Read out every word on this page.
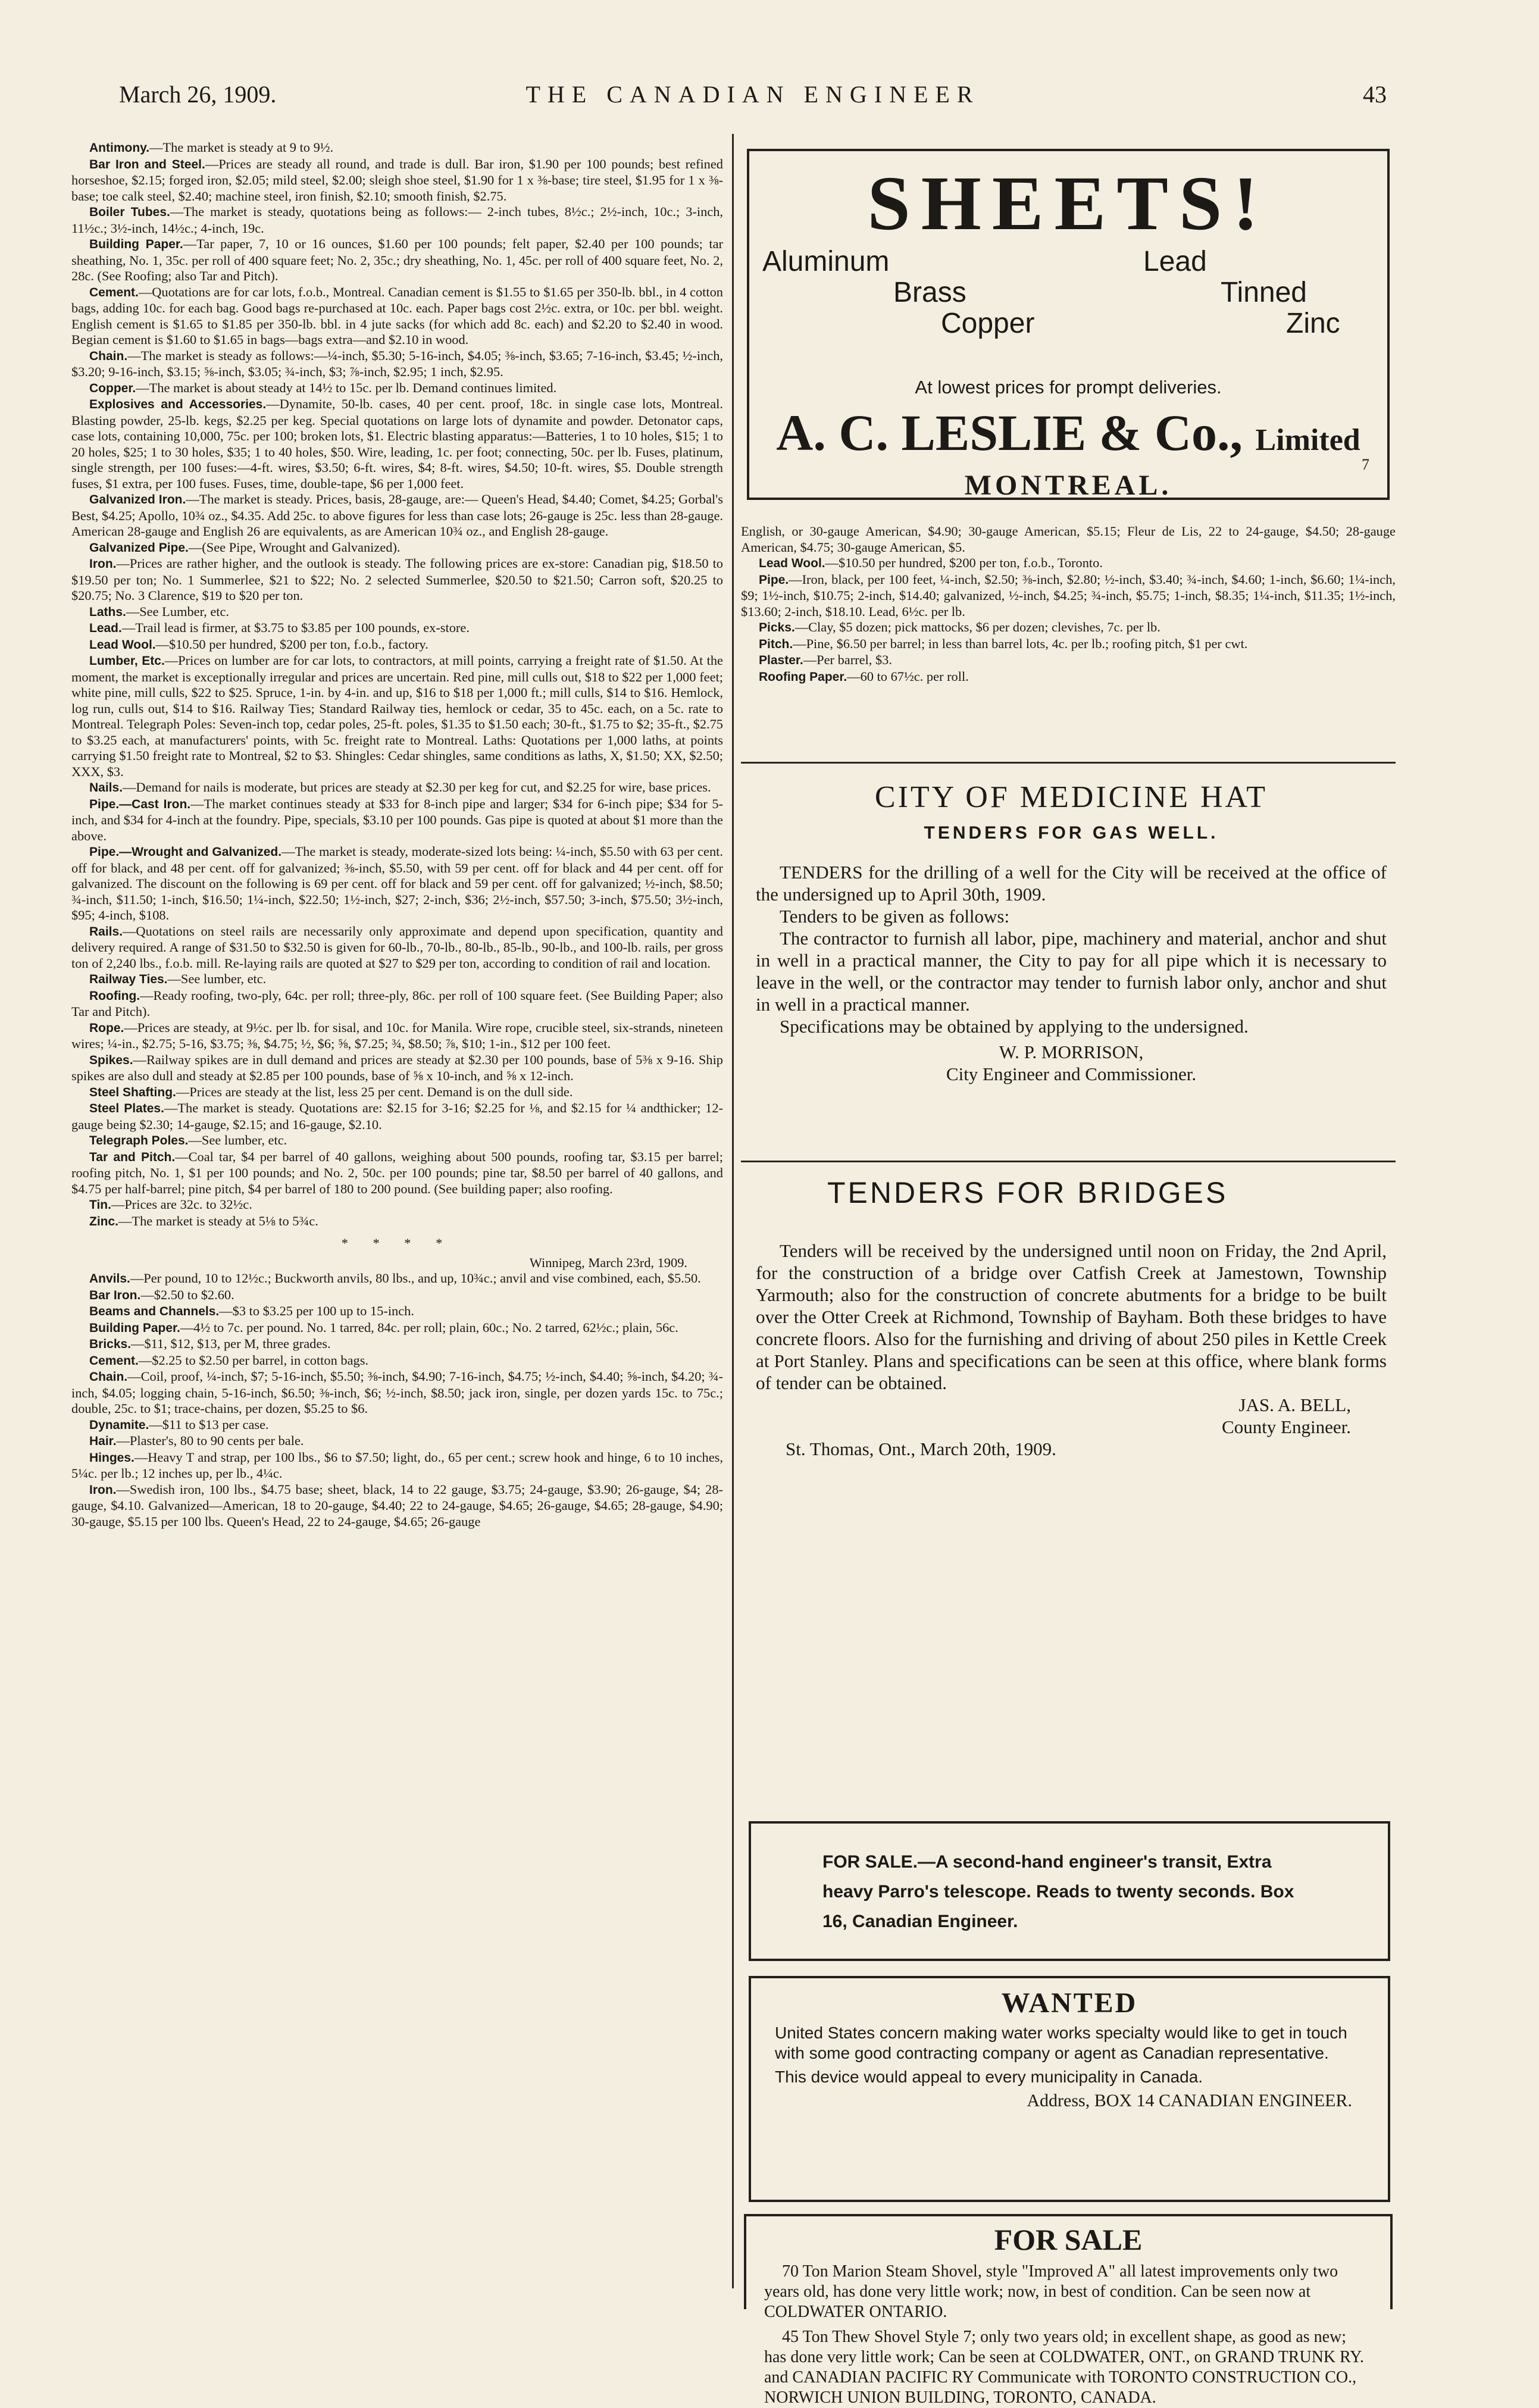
March 26, 1909.	THE CANADIAN ENGINEER	43

Antimony.—The market is steady at 9 to 9½.

Bar Iron and Steel.—Prices are steady all round, and trade is dull. Bar iron, $1.90 per 100 pounds; best refined horseshoe, $2.15; forged iron, $2.05; mild steel, $2.00; sleigh shoe steel, $1.90 for 1 x ⅜-base; tire steel, $1.95 for 1 x ⅜-base; toe calk steel, $2.40; machine steel, iron finish, $2.10; smooth finish, $2.75.

Boiler Tubes.—The market is steady, quotations being as follows:— 2-inch tubes, 8½c.; 2½-inch, 10c.; 3-inch, 11½c.; 3½-inch, 14½c.; 4-inch, 19c.

Building Paper.—Tar paper, 7, 10 or 16 ounces, $1.60 per 100 pounds; felt paper, $2.40 per 100 pounds; tar sheathing, No. 1, 35c. per roll of 400 square feet; No. 2, 35c.; dry sheathing, No. 1, 45c. per roll of 400 square feet, No. 2, 28c. (See Roofing; also Tar and Pitch).

Cement.—Quotations are for car lots, f.o.b., Montreal. Canadian cement is $1.55 to $1.65 per 350-lb. bbl., in 4 cotton bags, adding 10c. for each bag. Good bags re-purchased at 10c. each. Paper bags cost 2½c. extra, or 10c. per bbl. weight. English cement is $1.65 to $1.85 per 350-lb. bbl. in 4 jute sacks (for which add 8c. each) and $2.20 to $2.40 in wood. Begian cement is $1.60 to $1.65 in bags—bags extra—and $2.10 in wood.

Chain.—The market is steady as follows:—¼-inch, $5.30; 5-16-inch, $4.05; ⅜-inch, $3.65; 7-16-inch, $3.45; ½-inch, $3.20; 9-16-inch, $3.15; ⅝-inch, $3.05; ¾-inch, $3; ⅞-inch, $2.95; 1 inch, $2.95.

Copper.—The market is about steady at 14½ to 15c. per lb. Demand continues limited.

Explosives and Accessories.—Dynamite, 50-lb. cases, 40 per cent. proof, 18c. in single case lots, Montreal. Blasting powder, 25-lb. kegs, $2.25 per keg. Special quotations on large lots of dynamite and powder. Detonator caps, case lots, containing 10,000, 75c. per 100; broken lots, $1. Electric blasting apparatus:—Batteries, 1 to 10 holes, $15; 1 to 20 holes, $25; 1 to 30 holes, $35; 1 to 40 holes, $50. Wire, leading, 1c. per foot; connecting, 50c. per lb. Fuses, platinum, single strength, per 100 fuses:—4-ft. wires, $3.50; 6-ft. wires, $4; 8-ft. wires, $4.50; 10-ft. wires, $5. Double strength fuses, $1 extra, per 100 fuses. Fuses, time, double-tape, $6 per 1,000 feet.

Galvanized Iron.—The market is steady. Prices, basis, 28-gauge, are:— Queen's Head, $4.40; Comet, $4.25; Gorbal's Best, $4.25; Apollo, 10¾ oz., $4.35. Add 25c. to above figures for less than case lots; 26-gauge is 25c. less than 28-gauge. American 28-gauge and English 26 are equivalents, as are American 10¾ oz., and English 28-gauge.

Galvanized Pipe.—(See Pipe, Wrought and Galvanized).

Iron.—Prices are rather higher, and the outlook is steady. The following prices are ex-store: Canadian pig, $18.50 to $19.50 per ton; No. 1 Summerlee, $21 to $22; No. 2 selected Summerlee, $20.50 to $21.50; Carron soft, $20.25 to $20.75; No. 3 Clarence, $19 to $20 per ton.

Laths.—See Lumber, etc.

Lead.—Trail lead is firmer, at $3.75 to $3.85 per 100 pounds, ex-store.

Lead Wool.—$10.50 per hundred, $200 per ton, f.o.b., factory.

Lumber, Etc.—Prices on lumber are for car lots, to contractors, at mill points, carrying a freight rate of $1.50. At the moment, the market is exceptionally irregular and prices are uncertain. Red pine, mill culls out, $18 to $22 per 1,000 feet; white pine, mill culls, $22 to $25. Spruce, 1-in. by 4-in. and up, $16 to $18 per 1,000 ft.; mill culls, $14 to $16. Hemlock, log run, culls out, $14 to $16. Railway Ties; Standard Railway ties, hemlock or cedar, 35 to 45c. each, on a 5c. rate to Montreal. Telegraph Poles: Seven-inch top, cedar poles, 25-ft. poles, $1.35 to $1.50 each; 30-ft., $1.75 to $2; 35-ft., $2.75 to $3.25 each, at manufacturers' points, with 5c. freight rate to Montreal. Laths: Quotations per 1,000 laths, at points carrying $1.50 freight rate to Montreal, $2 to $3. Shingles: Cedar shingles, same conditions as laths, X, $1.50; XX, $2.50; XXX, $3.

Nails.—Demand for nails is moderate, but prices are steady at $2.30 per keg for cut, and $2.25 for wire, base prices.

Pipe.—Cast Iron.—The market continues steady at $33 for 8-inch pipe and larger; $34 for 6-inch pipe; $34 for 5-inch, and $34 for 4-inch at the foundry. Pipe, specials, $3.10 per 100 pounds. Gas pipe is quoted at about $1 more than the above.

Pipe.—Wrought and Galvanized.—The market is steady, moderate-sized lots being: ¼-inch, $5.50 with 63 per cent. off for black, and 48 per cent. off for galvanized; ⅜-inch, $5.50, with 59 per cent. off for black and 44 per cent. off for galvanized. The discount on the following is 69 per cent. off for black and 59 per cent. off for galvanized; ½-inch, $8.50; ¾-inch, $11.50; 1-inch, $16.50; 1¼-inch, $22.50; 1½-inch, $27; 2-inch, $36; 2½-inch, $57.50; 3-inch, $75.50; 3½-inch, $95; 4-inch, $108.

Rails.—Quotations on steel rails are necessarily only approximate and depend upon specification, quantity and delivery required. A range of $31.50 to $32.50 is given for 60-lb., 70-lb., 80-lb., 85-lb., 90-lb., and 100-lb. rails, per gross ton of 2,240 lbs., f.o.b. mill. Re-laying rails are quoted at $27 to $29 per ton, according to condition of rail and location.

Railway Ties.—See lumber, etc.

Roofing.—Ready roofing, two-ply, 64c. per roll; three-ply, 86c. per roll of 100 square feet. (See Building Paper; also Tar and Pitch).

Rope.—Prices are steady, at 9½c. per lb. for sisal, and 10c. for Manila. Wire rope, crucible steel, six-strands, nineteen wires; ¼-in., $2.75; 5-16, $3.75; ⅜, $4.75; ½, $6; ⅝, $7.25; ¾, $8.50; ⅞, $10; 1-in., $12 per 100 feet.

Spikes.—Railway spikes are in dull demand and prices are steady at $2.30 per 100 pounds, base of 5⅜ x 9-16. Ship spikes are also dull and steady at $2.85 per 100 pounds, base of ⅝ x 10-inch, and ⅝ x 12-inch.

Steel Shafting.—Prices are steady at the list, less 25 per cent. Demand is on the dull side.

Steel Plates.—The market is steady. Quotations are: $2.15 for 3-16; $2.25 for ⅛, and $2.15 for ¼ andthicker; 12-gauge being $2.30; 14-gauge, $2.15; and 16-gauge, $2.10.

Telegraph Poles.—See lumber, etc.

Tar and Pitch.—Coal tar, $4 per barrel of 40 gallons, weighing about 500 pounds, roofing tar, $3.15 per barrel; roofing pitch, No. 1, $1 per 100 pounds; and No. 2, 50c. per 100 pounds; pine tar, $8.50 per barrel of 40 gallons, and $4.75 per half-barrel; pine pitch, $4 per barrel of 180 to 200 pound. (See building paper; also roofing.

Tin.—Prices are 32c. to 32½c.

Zinc.—The market is steady at 5⅛ to 5¾c.

* * * *

Winnipeg, March 23rd, 1909.

Anvils.—Per pound, 10 to 12½c.; Buckworth anvils, 80 lbs., and up, 10¾c.; anvil and vise combined, each, $5.50.

Bar Iron.—$2.50 to $2.60.

Beams and Channels.—$3 to $3.25 per 100 up to 15-inch.

Building Paper.—4½ to 7c. per pound. No. 1 tarred, 84c. per roll; plain, 60c.; No. 2 tarred, 62½c.; plain, 56c.

Bricks.—$11, $12, $13, per M, three grades.

Cement.—$2.25 to $2.50 per barrel, in cotton bags.

Chain.—Coil, proof, ¼-inch, $7; 5-16-inch, $5.50; ⅜-inch, $4.90; 7-16-inch, $4.75; ½-inch, $4.40; ⅝-inch, $4.20; ¾-inch, $4.05; logging chain, 5-16-inch, $6.50; ⅜-inch, $6; ½-inch, $8.50; jack iron, single, per dozen yards 15c. to 75c.; double, 25c. to $1; trace-chains, per dozen, $5.25 to $6.

Dynamite.—$11 to $13 per case.

Hair.—Plaster's, 80 to 90 cents per bale.

Hinges.—Heavy T and strap, per 100 lbs., $6 to $7.50; light, do., 65 per cent.; screw hook and hinge, 6 to 10 inches, 5¼c. per lb.; 12 inches up, per lb., 4¼c.

Iron.—Swedish iron, 100 lbs., $4.75 base; sheet, black, 14 to 22 gauge, $3.75; 24-gauge, $3.90; 26-gauge, $4; 28-gauge, $4.10. Galvanized—American, 18 to 20-gauge, $4.40; 22 to 24-gauge, $4.65; 26-gauge, $4.65; 28-gauge, $4.90; 30-gauge, $5.15 per 100 lbs. Queen's Head, 22 to 24-gauge, $4.65; 26-gauge

SHEETS!
Aluminum	Lead
Brass	Tinned
Copper	Zinc
At lowest prices for prompt deliveries.
A. C. LESLIE & Co., Limited
MONTREAL.
7

English, or 30-gauge American, $4.90; 30-gauge American, $5.15; Fleur de Lis, 22 to 24-gauge, $4.50; 28-gauge American, $4.75; 30-gauge American, $5.

Lead Wool.—$10.50 per hundred, $200 per ton, f.o.b., Toronto.

Pipe.—Iron, black, per 100 feet, ¼-inch, $2.50; ⅜-inch, $2.80; ½-inch, $3.40; ¾-inch, $4.60; 1-inch, $6.60; 1¼-inch, $9; 1½-inch, $10.75; 2-inch, $14.40; galvanized, ½-inch, $4.25; ¾-inch, $5.75; 1-inch, $8.35; 1¼-inch, $11.35; 1½-inch, $13.60; 2-inch, $18.10. Lead, 6½c. per lb.

Picks.—Clay, $5 dozen; pick mattocks, $6 per dozen; clevishes, 7c. per lb.

Pitch.—Pine, $6.50 per barrel; in less than barrel lots, 4c. per lb.; roofing pitch, $1 per cwt.

Plaster.—Per barrel, $3.

Roofing Paper.—60 to 67½c. per roll.

CITY OF MEDICINE HAT
TENDERS FOR GAS WELL.

TENDERS for the drilling of a well for the City will be received at the office of the undersigned up to April 30th, 1909.

Tenders to be given as follows:

The contractor to furnish all labor, pipe, machinery and material, anchor and shut in well in a practical manner, the City to pay for all pipe which it is necessary to leave in the well, or the contractor may tender to furnish labor only, anchor and shut in well in a practical manner.

Specifications may be obtained by applying to the undersigned.

W. P. MORRISON,

City Engineer and Commissioner.

TENDERS FOR BRIDGES

Tenders will be received by the undersigned until noon on Friday, the 2nd April, for the construction of a bridge over Catfish Creek at Jamestown, Township Yarmouth; also for the construction of concrete abutments for a bridge to be built over the Otter Creek at Richmond, Township of Bayham. Both these bridges to have concrete floors. Also for the furnishing and driving of about 250 piles in Kettle Creek at Port Stanley. Plans and specifications can be seen at this office, where blank forms of tender can be obtained.

JAS. A. BELL,

County Engineer.

St. Thomas, Ont., March 20th, 1909.

FOR SALE.—A second-hand engineer's transit, Extra heavy Parro's telescope. Reads to twenty seconds. Box 16, Canadian Engineer.
WANTED

United States concern making water works specialty would like to get in touch with some good contracting company or agent as Canadian representative.

This device would appeal to every municipality in Canada.

Address, BOX 14 CANADIAN ENGINEER.

FOR SALE

70 Ton Marion Steam Shovel, style "Improved A" all latest improvements only two years old, has done very little work; now, in best of condition. Can be seen now at COLDWATER ONTARIO.

45 Ton Thew Shovel Style 7; only two years old; in excellent shape, as good as new; has done very little work; Can be seen at COLDWATER, ONT., on GRAND TRUNK RY. and CANADIAN PACIFIC RY Communicate with TORONTO CONSTRUCTION CO., NORWICH UNION BUILDING, TORONTO, CANADA.
